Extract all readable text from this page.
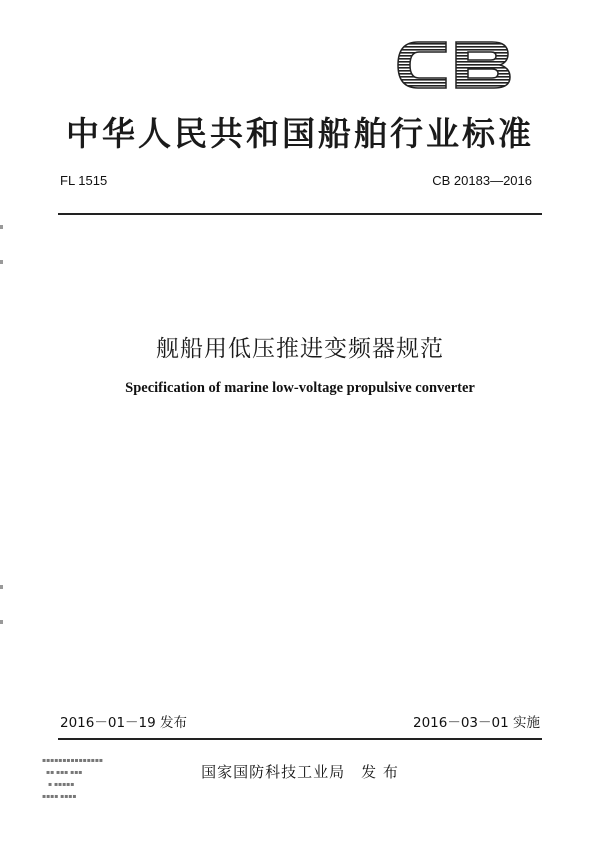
中华人民共和国船舶行业标准
FL 1515	CB 20183—2016
舰船用低压推进变频器规范
Specification of marine low-voltage propulsive converter
2016－01－19 发布	2016－03－01 实施
▪▪▪▪▪▪▪▪▪▪▪▪▪▪▪
▪▪ ▪▪▪ ▪▪▪
▪ ▪▪▪▪▪
▪▪▪▪ ▪▪▪▪
国家国防科技工业局　发 布
